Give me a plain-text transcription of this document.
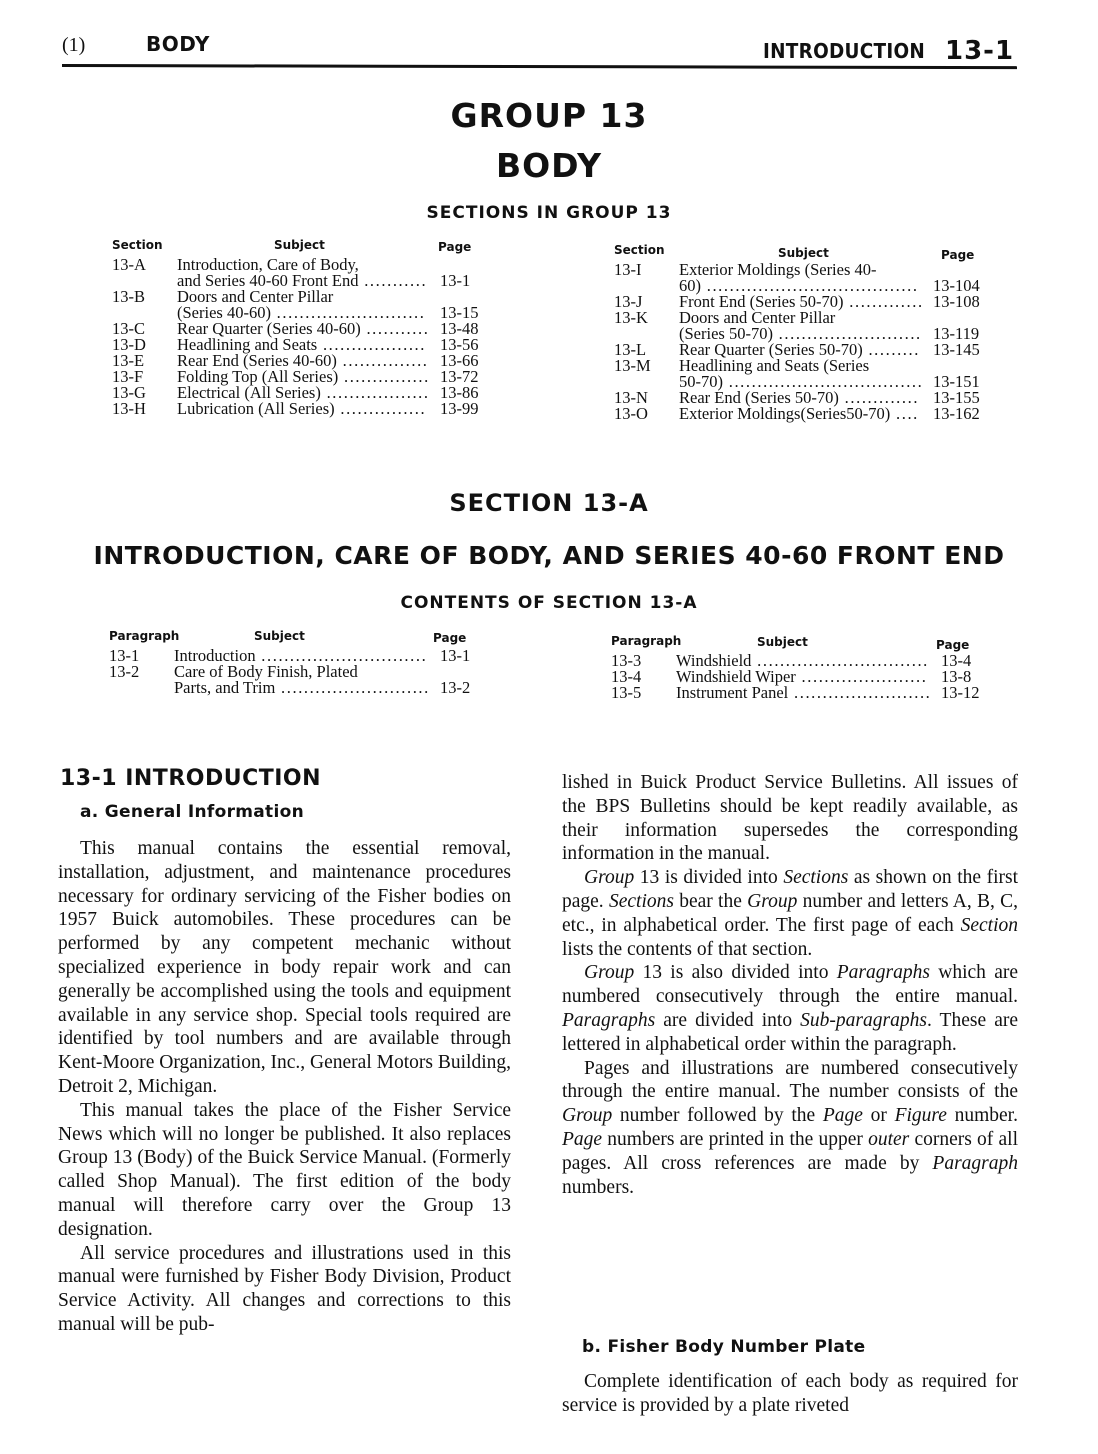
(1)	BODY	INTRODUCTION 13-1
GROUP 13
BODY
SECTIONS IN GROUP 13
Section	Subject	Page
13-A Introduction, Care of Body,
and Series 40-60 Front End ........... 13-1
13-B Doors and Center Pillar
(Series 40-60) .......................... 13-15
13-C Rear Quarter (Series 40-60) ........... 13-48
13-D Headlining and Seats .................. 13-56
13-E Rear End (Series 40-60) ............... 13-66
13-F Folding Top (All Series) ............... 13-72
13-G Electrical (All Series) .................. 13-86
13-H Lubrication (All Series) ............... 13-99
Section	Subject	Page
13-I Exterior Moldings (Series 40-
60) ..................................... 13-104
13-J Front End (Series 50-70) ............. 13-108
13-K Doors and Center Pillar
(Series 50-70) ......................... 13-119
13-L Rear Quarter (Series 50-70) ......... 13-145
13-M Headlining and Seats (Series
50-70) .................................. 13-151
13-N Rear End (Series 50-70) ............. 13-155
13-O Exterior Moldings(Series50-70) .... 13-162
SECTION 13-A
INTRODUCTION, CARE OF BODY, AND SERIES 40-60 FRONT END
CONTENTS OF SECTION 13-A
Paragraph	Subject	Page
13-1 Introduction ............................. 13-1
13-2 Care of Body Finish, Plated
Parts, and Trim .......................... 13-2
Paragraph	Subject	Page
13-3 Windshield .............................. 13-4
13-4 Windshield Wiper ...................... 13-8
13-5 Instrument Panel ........................ 13-12
13-1 INTRODUCTION
a. General Information

This manual contains the essential removal, installation, adjustment, and maintenance procedures necessary for ordinary servicing of the Fisher bodies on 1957 Buick automobiles. These procedures can be performed by any competent mechanic without specialized experience in body repair work and can generally be accomplished using the tools and equipment available in any service shop. Special tools required are identified by tool numbers and are available through Kent-Moore Organization, Inc., General Motors Building, Detroit 2, Michigan.

This manual takes the place of the Fisher Service News which will no longer be published. It also replaces Group 13 (Body) of the Buick Service Manual. (Formerly called Shop Manual). The first edition of the body manual will therefore carry over the Group 13 designation.

All service procedures and illustrations used in this manual were furnished by Fisher Body Division, Product Service Activity. All changes and corrections to this manual will be pub-

lished in Buick Product Service Bulletins. All issues of the BPS Bulletins should be kept readily available, as their information supersedes the corresponding information in the manual.

Group 13 is divided into Sections as shown on the first page. Sections bear the Group number and letters A, B, C, etc., in alphabetical order. The first page of each Section lists the contents of that section.

Group 13 is also divided into Paragraphs which are numbered consecutively through the entire manual. Paragraphs are divided into Sub-paragraphs. These are lettered in alphabetical order within the paragraph.

Pages and illustrations are numbered consecutively through the entire manual. The number consists of the Group number followed by the Page or Figure number. Page numbers are printed in the upper outer corners of all pages. All cross references are made by Paragraph numbers.

b. Fisher Body Number Plate

Complete identification of each body as required for service is provided by a plate riveted
